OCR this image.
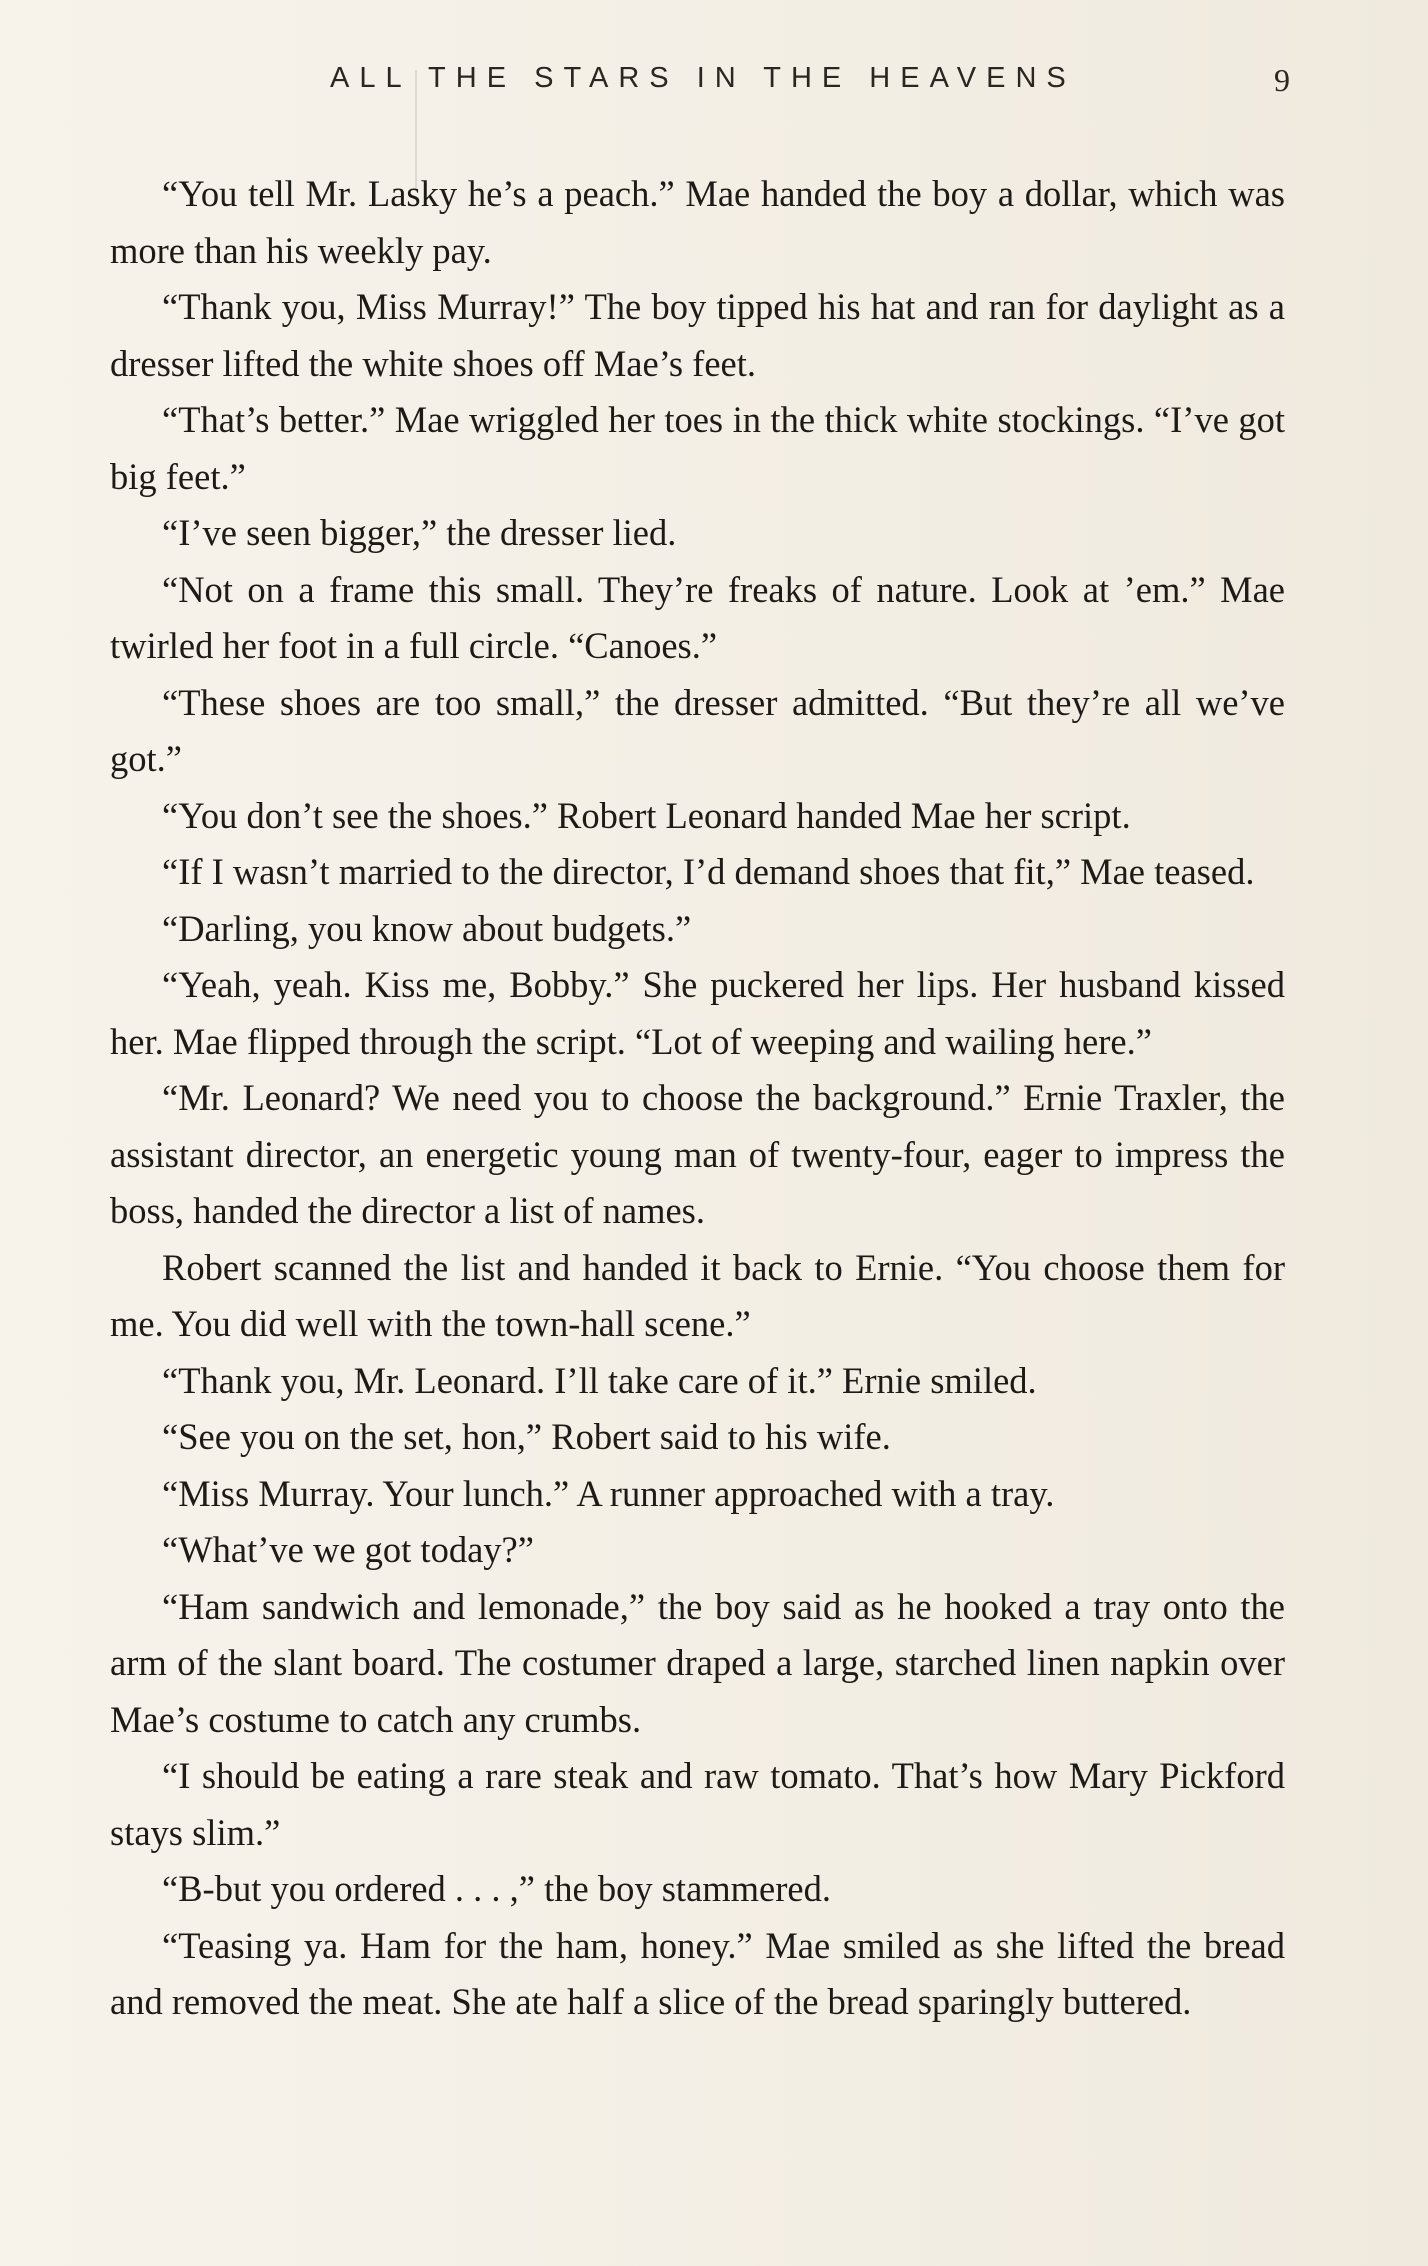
ALL THE STARS IN THE HEAVENS	9

“You tell Mr. Lasky he’s a peach.” Mae handed the boy a dollar, which was more than his weekly pay.

“Thank you, Miss Murray!” The boy tipped his hat and ran for daylight as a dresser lifted the white shoes off Mae’s feet.

“That’s better.” Mae wriggled her toes in the thick white stockings. “I’ve got big feet.”

“I’ve seen bigger,” the dresser lied.

“Not on a frame this small. They’re freaks of nature. Look at ’em.” Mae twirled her foot in a full circle. “Canoes.”

“These shoes are too small,” the dresser admitted. “But they’re all we’ve got.”

“You don’t see the shoes.” Robert Leonard handed Mae her script.

“If I wasn’t married to the director, I’d demand shoes that fit,” Mae teased.

“Darling, you know about budgets.”

“Yeah, yeah. Kiss me, Bobby.” She puckered her lips. Her husband kissed her. Mae flipped through the script. “Lot of weeping and wailing here.”

“Mr. Leonard? We need you to choose the background.” Ernie Traxler, the assistant director, an energetic young man of twenty-four, eager to impress the boss, handed the director a list of names.

Robert scanned the list and handed it back to Ernie. “You choose them for me. You did well with the town-hall scene.”

“Thank you, Mr. Leonard. I’ll take care of it.” Ernie smiled.

“See you on the set, hon,” Robert said to his wife.

“Miss Murray. Your lunch.” A runner approached with a tray.

“What’ve we got today?”

“Ham sandwich and lemonade,” the boy said as he hooked a tray onto the arm of the slant board. The costumer draped a large, starched linen napkin over Mae’s costume to catch any crumbs.

“I should be eating a rare steak and raw tomato. That’s how Mary Pickford stays slim.”

“B-but you ordered . . . ,” the boy stammered.

“Teasing ya. Ham for the ham, honey.” Mae smiled as she lifted the bread and removed the meat. She ate half a slice of the bread sparingly buttered.
